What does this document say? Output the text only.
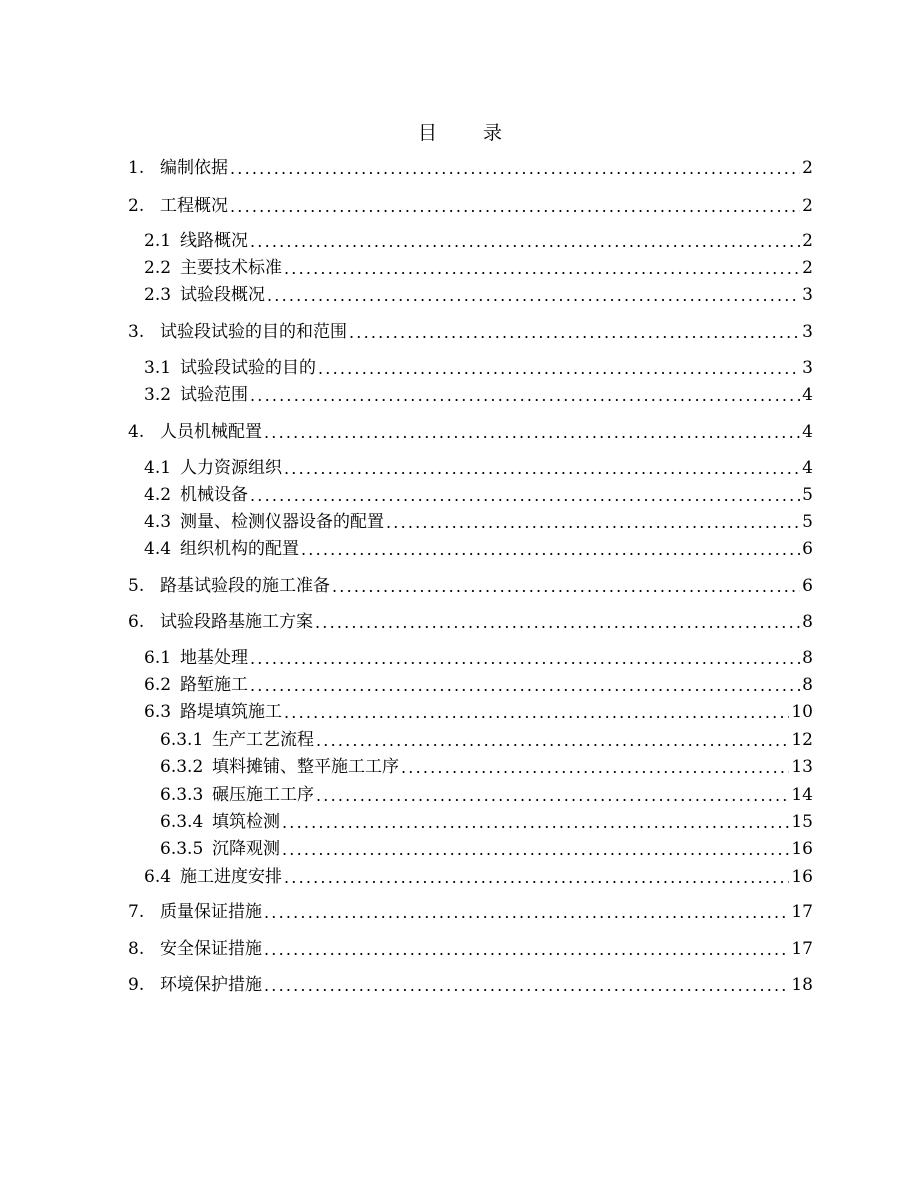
目 录
1. 编制依据 .....	2
2. 工程概况 .....	2
2.1 线路概况 .....	2
2.2 主要技术标准 .....	2
2.3 试验段概况 .....	3
3. 试验段试验的目的和范围 .....	3
3.1 试验段试验的目的 .....	3
3.2 试验范围 .....	4
4. 人员机械配置 .....	4
4.1 人力资源组织 .....	4
4.2 机械设备 .....	5
4.3 测量、检测仪器设备的配置 .....	5
4.4 组织机构的配置 .....	6
5. 路基试验段的施工准备 .....	6
6. 试验段路基施工方案 .....	8
6.1 地基处理 .....	8
6.2 路堑施工 .....	8
6.3 路堤填筑施工 .....	10
6.3.1 生产工艺流程 .....	12
6.3.2 填料摊铺、整平施工工序 .....	13
6.3.3 碾压施工工序 .....	14
6.3.4 填筑检测 .....	15
6.3.5 沉降观测 .....	16
6.4 施工进度安排 .....	16
7. 质量保证措施 .....	17
8. 安全保证措施 .....	17
9. 环境保护措施 .....	18
